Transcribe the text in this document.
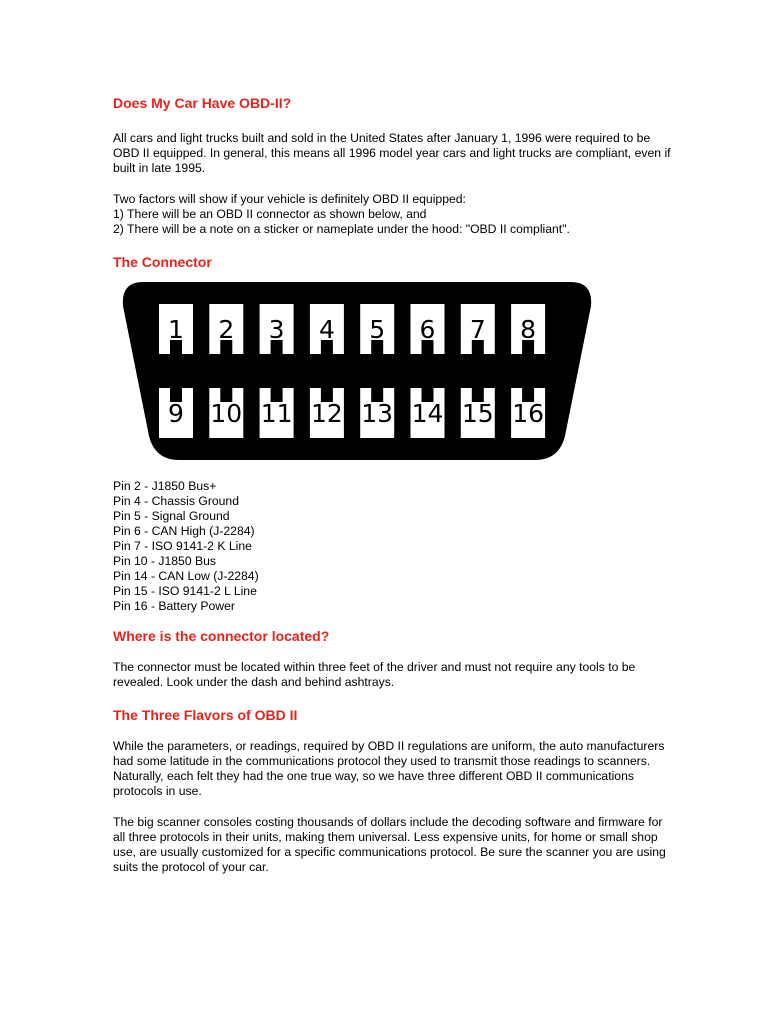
Does My Car Have OBD-II?

All cars and light trucks built and sold in the United States after January 1, 1996 were required to be OBD II equipped. In general, this means all 1996 model year cars and light trucks are compliant, even if built in late 1995.

Two factors will show if your vehicle is definitely OBD II equipped:
1) There will be an OBD II connector as shown below, and
2) There will be a note on a sticker or nameplate under the hood: "OBD II compliant".
The Connector
1 2 3 4 5 6 7 8
9 10 11 12 13 14 15 16
Pin 2 - J1850 Bus+
Pin 4 - Chassis Ground
Pin 5 - Signal Ground
Pin 6 - CAN High (J-2284)
Pin 7 - ISO 9141-2 K Line
Pin 10 - J1850 Bus
Pin 14 - CAN Low (J-2284)
Pin 15 - ISO 9141-2 L Line
Pin 16 - Battery Power
Where is the connector located?

The connector must be located within three feet of the driver and must not require any tools to be revealed. Look under the dash and behind ashtrays.

The Three Flavors of OBD II

While the parameters, or readings, required by OBD II regulations are uniform, the auto manufacturers had some latitude in the communications protocol they used to transmit those readings to scanners. Naturally, each felt they had the one true way, so we have three different OBD II communications protocols in use.

The big scanner consoles costing thousands of dollars include the decoding software and firmware for all three protocols in their units, making them universal. Less expensive units, for home or small shop use, are usually customized for a specific communications protocol. Be sure the scanner you are using suits the protocol of your car.
